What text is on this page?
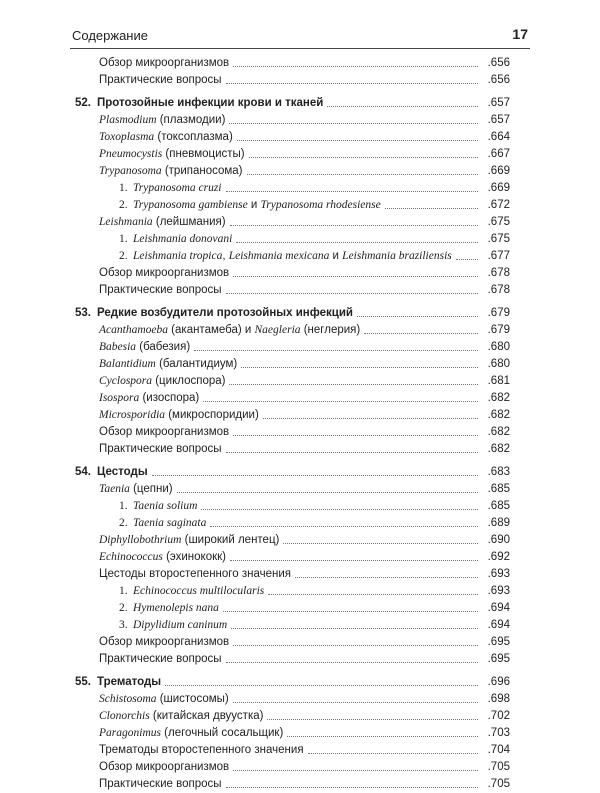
Содержание	17
Обзор микроорганизмов	.656
Практические вопросы	.656
52. Протозойные инфекции крови и тканей	.657
Plasmodium (плазмодии)	.657
Toxoplasma (токсоплазма)	.664
Pneumocystis (пневмоцисты)	.667
Trypanosoma (трипаносома)	.669
1. Trypanosoma cruzi	.669
2. Trypanosoma gambiense и Trypanosoma rhodesiense	.672
Leishmania (лейшмания)	.675
1. Leishmania donovani	.675
2. Leishmania tropica, Leishmania mexicana и Leishmania braziliensis	.677
Обзор микроорганизмов	.678
Практические вопросы	.678
53. Редкие возбудители протозойных инфекций	.679
Acanthamoeba (акантамеба) и Naegleria (неглерия)	.679
Babesia (бабезия)	.680
Balantidium (балантидиум)	.680
Cyclospora (циклоспора)	.681
Isospora (изоспора)	.682
Microsporidia (микроспоридии)	.682
Обзор микроорганизмов	.682
Практические вопросы	.682
54. Цестоды	.683
Taenia (цепни)	.685
1. Taenia solium	.685
2. Taenia saginata	.689
Diphyllobothrium (широкий лентец)	.690
Echinococcus (эхинококк)	.692
Цестоды второстепенного значения	.693
1. Echinococcus multilocularis	.693
2. Hymenolepis nana	.694
3. Dipylidium caninum	.694
Обзор микроорганизмов	.695
Практические вопросы	.695
55. Трематоды	.696
Schistosoma (шистосомы)	.698
Clonorchis (китайская двуустка)	.702
Paragonimus (легочный сосальщик)	.703
Трематоды второстепенного значения	.704
Обзор микроорганизмов	.705
Практические вопросы	.705
